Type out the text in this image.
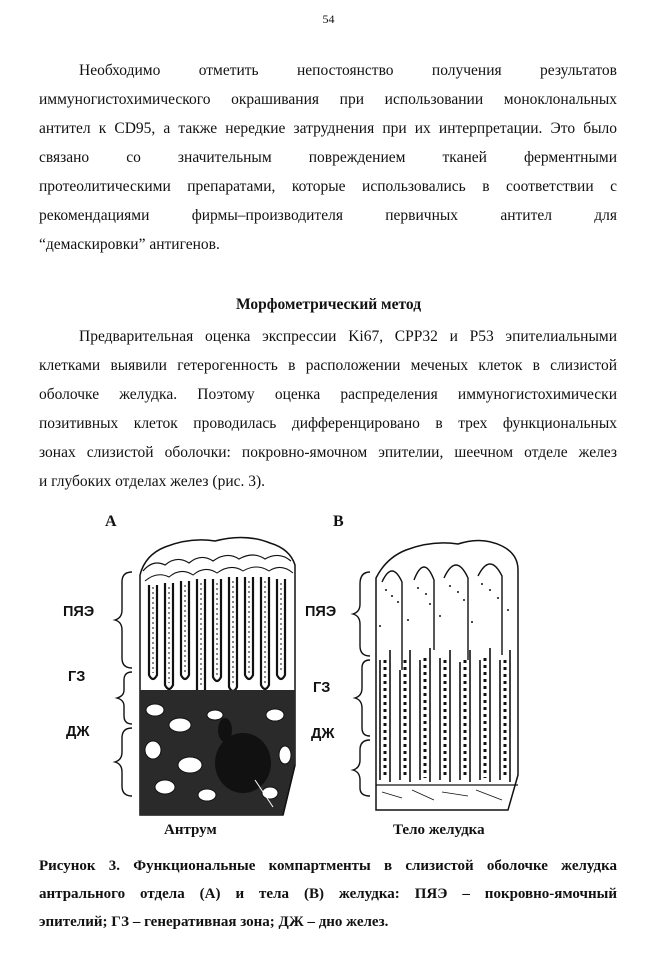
54
Необходимо отметить непостоянство получения результатов
иммуногистохимического окрашивания при использовании моноклональных
антител к CD95, а также нередкие затруднения при их интерпретации. Это было
связано со значительным повреждением тканей ферментными
протеолитическими препаратами, которые использовались в соответствии с
рекомендациями фирмы–производителя первичных антител для
“демаскировки” антигенов.
Морфометрический метод
Предварительная оценка экспрессии Ki67, CPP32 и P53 эпителиальными
клетками выявили гетерогенность в расположении меченых клеток в слизистой
оболочке желудка. Поэтому оценка распределения иммуногистохимически
позитивных клеток проводилась дифференцировано в трех функциональных
зонах слизистой оболочки: покровно-ямочном эпителии, шеечном отделе желез
и глубоких отделах желез (рис. 3).
А	В
ПЯЭ
ГЗ
ДЖ
ПЯЭ
ГЗ
ДЖ
Антрум	Тело желудка
Рисунок 3. Функциональные компартменты в слизистой оболочке желудка
антрального отдела (А) и тела (В) желудка: ПЯЭ – покровно-ямочный
эпителий; ГЗ – генеративная зона; ДЖ – дно желез.
